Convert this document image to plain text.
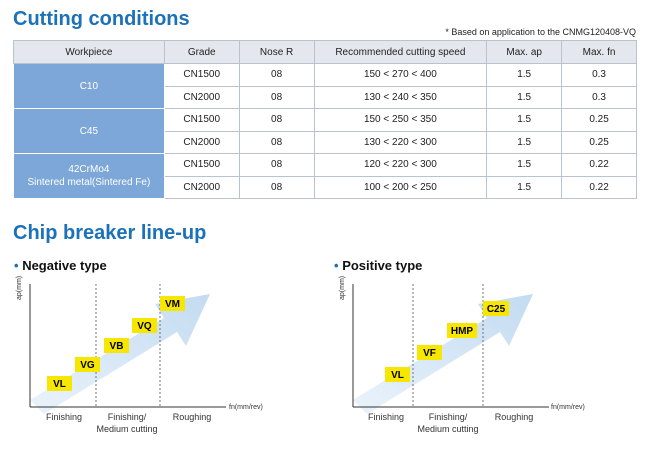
Cutting conditions
* Based on application to the CNMG120408-VQ
Workpiece	Grade	Nose R	Recommended cutting speed	Max. ap	Max. fn
C10	CN1500	08	150 < 270 < 400	1.5	0.3
	CN2000	08	130 < 240 < 350	1.5	0.3
C45	CN1500	08	150 < 250 < 350	1.5	0.25
	CN2000	08	130 < 220 < 300	1.5	0.25
42CrMo4
Sintered metal(Sintered Fe)	CN1500	08	120 < 220 < 300	1.5	0.22
	CN2000	08	100 < 200 < 250	1.5	0.22
Chip breaker line-up
• Negative type
VL
VG
VB
VQ
VM
ap(mm)
fn(mm/rev)
Finishing	Finishing/
Medium cutting
Roughing
• Positive type
VL
VF
HMP
C25
ap(mm)
fn(mm/rev)
Finishing	Finishing/
Medium cutting
Roughing
